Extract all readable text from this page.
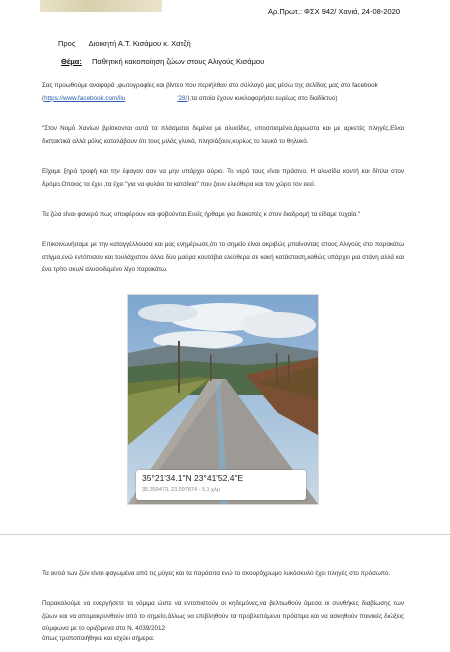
Αρ.Πρωτ.: ΦΣΧ 942/ Χανιά, 24-08-2020
Προς Διοικητή Α.Τ. Κισάμου κ. Χατζή
Θέμα: Παθητική κακοποίηση ζώων στους Αλιγούς Κισάμου
Σας προωθούμε αναφορά ,φωτογραφίες και βίντεο που περιήλθαν στο σύλλογό μας μέσω της σελίδας μας στο facebook (https://www.facebook.com/ilu	'28/),τα οποία έχουν κυκλοφορήσει ευρέως στο διαδίκτυο)
"Στον Νομό Χανίων βρίσκονται αυτά τα πλάσματα δεμένα με αλυσίδες, υποσιτισμένα,άρρωστα και με αρκετές πληγές.Είναι διστακτικά αλλά μόλις καταλάβουν ότι τους μιλάς γλυκά, πλησιάζουν,κυρίως το λευκό το θηλυκό.
Είχαμε ξηρά τροφή και την έφαγαν σαν να μην υπάρχει αύριο. Το νερό τους είναι πράσινο. Η αλυσίδα κοντή και δίπλα στον δρόμο.Οποιος τα έχει ,τα έχει "για να φυλάει τα κατσίκια" που ζουν ελεύθερα και τον χώρο τον εκεί.
Τα ζώα είναι φανερό πως υποφέρουν και φοβούνται.Ευείς ήρθαμε για διακοπές κ στον διαδρομή τα είδαμε τυχαία."
Επικοινωνήσαμε με την καταγγέλλουσα και μας ενημέρωσε,ότι το σημείο είναι ακριβώς μπαίνοντας στους Αλιγούς στο παρακάτω στίγμα,ενώ εντόπισαν και τουλάχιστον άλλα δύο μαύρα κουτάβια ελεύθερα σε κακή κατάσταση,καθώς υπάρχει μια στάνη αλλά και ένα τρίτο σκυλί αλυσοδεμένο λίγο παρακάτω.
35°21'34.1"N 23°41'52.4"E
35.359473, 23.597874 - 5,1 χλμ
Τα αυτιά των ζών είναι φαγωμένα από τις μύγες και τα παράσιτα ενώ το σκουρόχρωμο λυκόσκυλο έχει πληγές στο πρόσωπο.
Παρακαλούμε να ενεργήσετε τα νόμιμα ώστε να εντοπιστούν οι κηδεμόνες,να βελτιωθούν άμεσα οι συνθήκες διαβίωσης των ζώων και να απομακρυνθούν από το σημείο,άλλως να επιβληθούν τα προβλεπόμενα πρόστιμα και να ασκηθούν ποινικές διώξεις σύμφωνα με το οριζόμενα στο Ν. 4039/2012
όπως τροποποιήθηκε και ισχύει σήμερα.
